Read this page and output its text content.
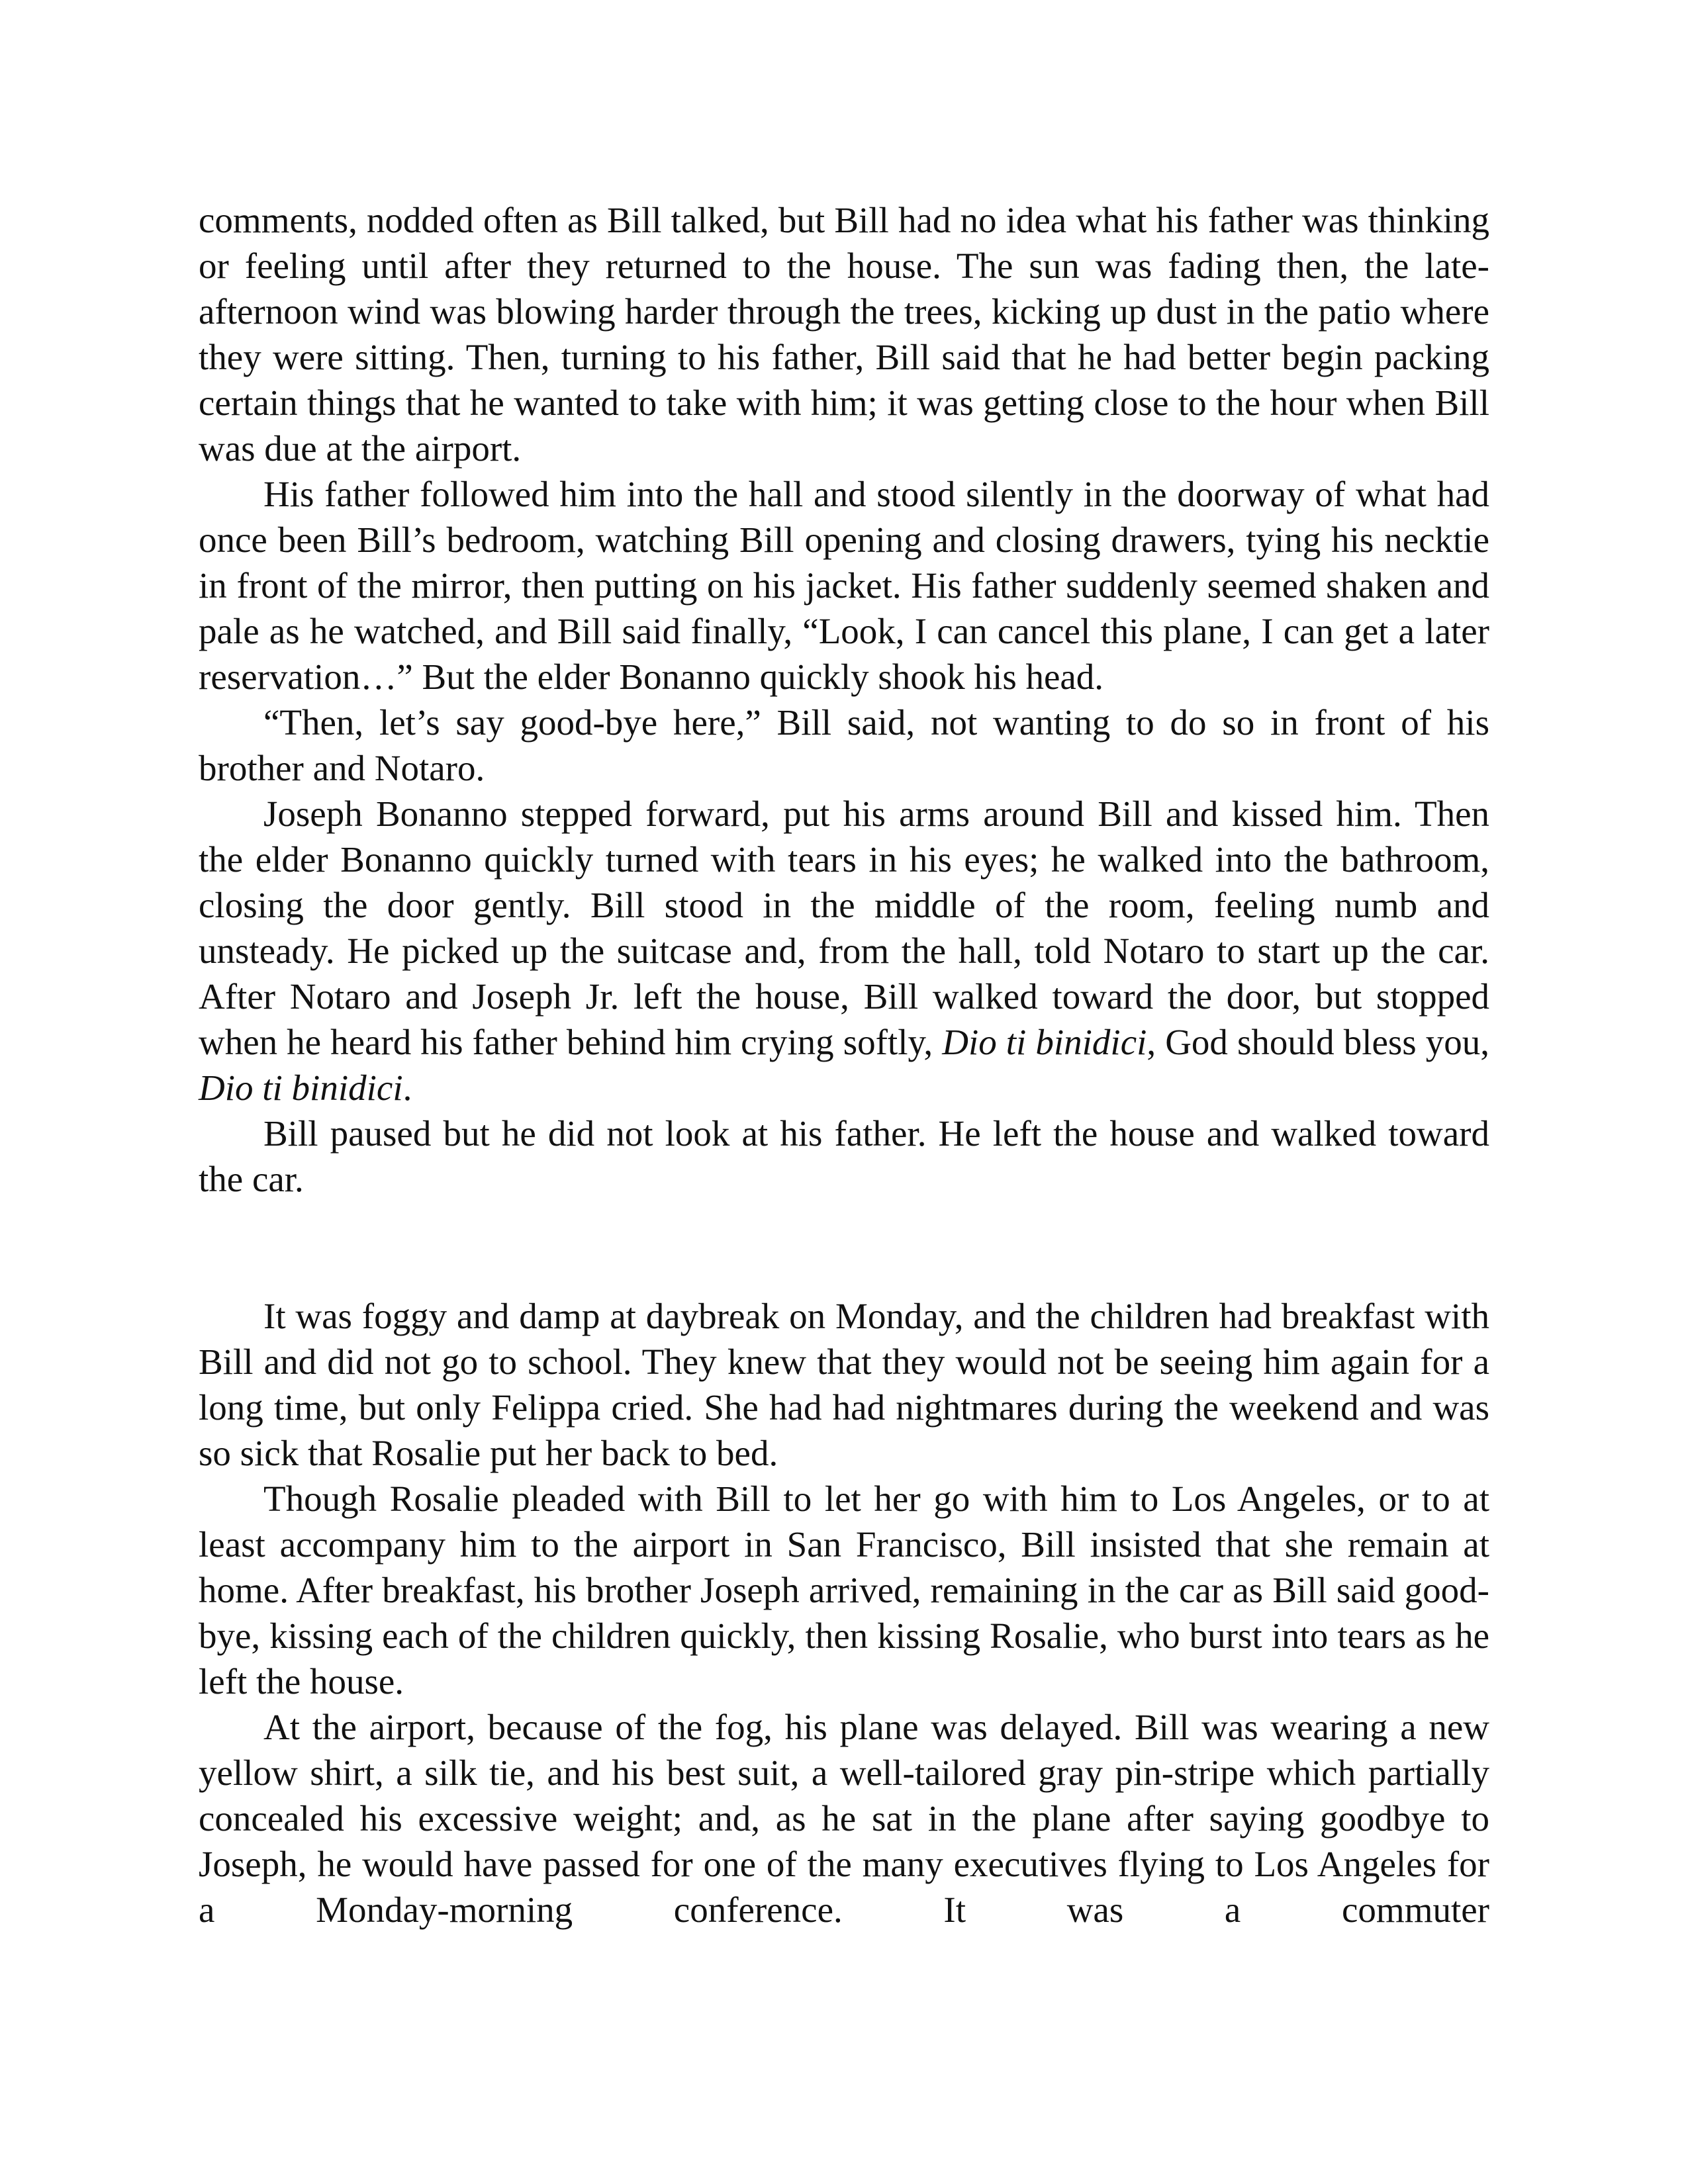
comments, nodded often as Bill talked, but Bill had no idea what his father was thinking or feeling until after they returned to the house. The sun was fading then, the late-afternoon wind was blowing harder through the trees, kicking up dust in the patio where they were sitting. Then, turning to his father, Bill said that he had better begin packing certain things that he wanted to take with him; it was getting close to the hour when Bill was due at the airport.

His father followed him into the hall and stood silently in the doorway of what had once been Bill’s bedroom, watching Bill opening and closing drawers, tying his necktie in front of the mirror, then putting on his jacket. His father suddenly seemed shaken and pale as he watched, and Bill said finally, “Look, I can cancel this plane, I can get a later reservation…” But the elder Bonanno quickly shook his head.

“Then, let’s say good-bye here,” Bill said, not wanting to do so in front of his brother and Notaro.

Joseph Bonanno stepped forward, put his arms around Bill and kissed him. Then the elder Bonanno quickly turned with tears in his eyes; he walked into the bathroom, closing the door gently. Bill stood in the middle of the room, feeling numb and unsteady. He picked up the suitcase and, from the hall, told Notaro to start up the car. After Notaro and Joseph Jr. left the house, Bill walked toward the door, but stopped when he heard his father behind him crying softly, Dio ti binidici, God should bless you, Dio ti binidici.

Bill paused but he did not look at his father. He left the house and walked toward the car.

It was foggy and damp at daybreak on Monday, and the children had breakfast with Bill and did not go to school. They knew that they would not be seeing him again for a long time, but only Felippa cried. She had had nightmares during the weekend and was so sick that Rosalie put her back to bed.

Though Rosalie pleaded with Bill to let her go with him to Los Angeles, or to at least accompany him to the airport in San Francisco, Bill insisted that she remain at home. After breakfast, his brother Joseph arrived, remaining in the car as Bill said good-bye, kissing each of the children quickly, then kissing Rosalie, who burst into tears as he left the house.

At the airport, because of the fog, his plane was delayed. Bill was wearing a new yellow shirt, a silk tie, and his best suit, a well-tailored gray pin-stripe which partially concealed his excessive weight; and, as he sat in the plane after saying goodbye to Joseph, he would have passed for one of the many executives flying to Los Angeles for a Monday-morning conference. It was a commuter
